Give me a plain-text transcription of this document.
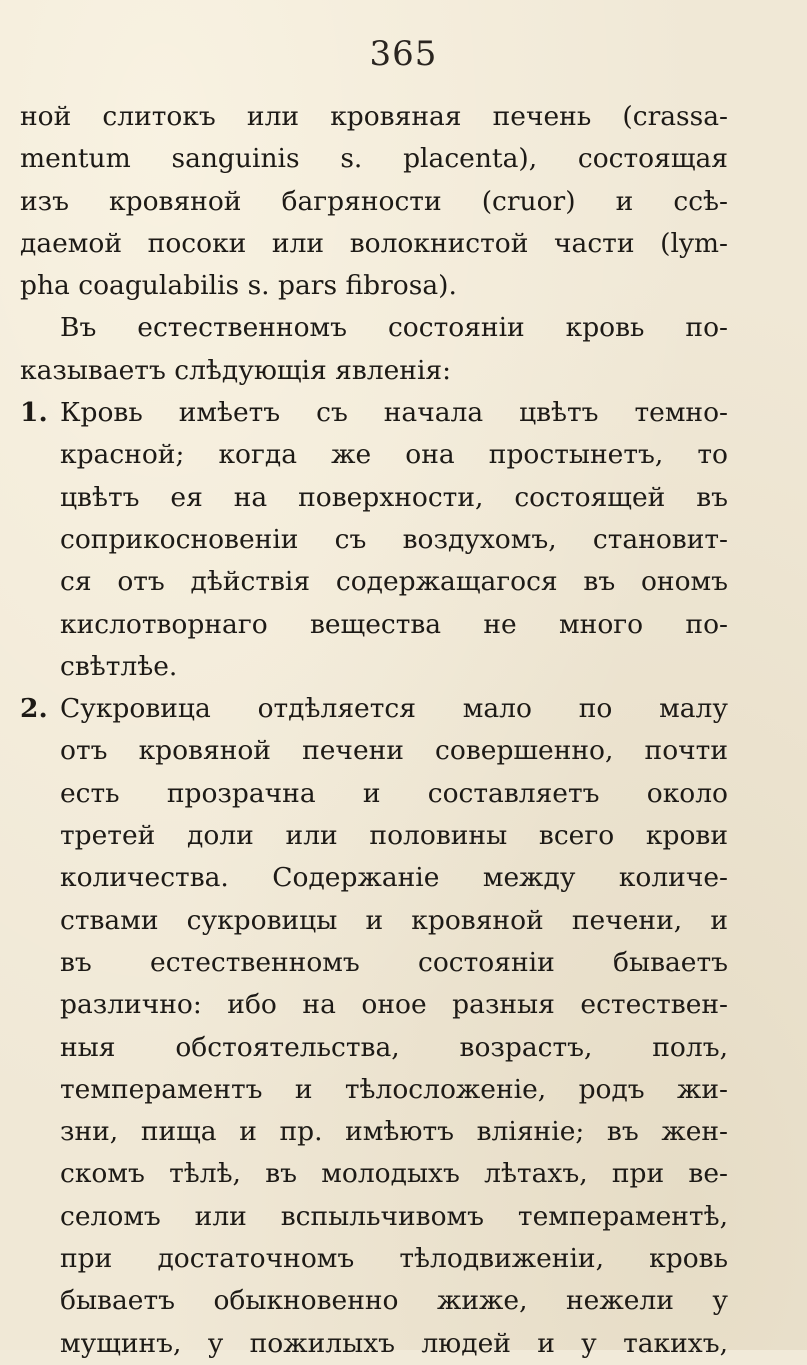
365
ной слитокъ или кровяная печень (crassa-
mentum sanguinis s. placenta), состоящая
изъ кровяной багряности (cruor) и ссѣ-
даемой посоки или волокнистой части (lym-
pha coagulabilis s. pars fibrosa).
Въ естественномъ состояніи кровь по-
казываетъ слѣдующія явленія:
1. Кровь имѣетъ съ начала цвѣтъ темно-
красной; когда же она простынетъ, то
цвѣтъ ея на поверхности, состоящей въ
соприкосновеніи съ воздухомъ, становит-
ся отъ дѣйствія содержащагося въ ономъ
кислотворнаго вещества не много по-
свѣтлѣе.
2. Сукровица отдѣляется мало по малу
отъ кровяной печени совершенно, почти
есть прозрачна и составляетъ около
третей доли или половины всего крови
количества. Содержаніе между количе-
ствами сукровицы и кровяной печени, и
въ естественномъ состояніи бываетъ
различно: ибо на оное разныя естествен-
ныя обстоятельства, возрастъ, полъ,
темпераментъ и тѣлосложеніе, родъ жи-
зни, пища и пр. имѣютъ вліяніе; въ жен-
скомъ тѣлѣ, въ молодыхъ лѣтахъ, при ве-
селомъ или вспыльчивомъ темпераментѣ,
при достаточномъ тѣлодвиженіи, кровь
бываетъ обыкновенно жиже, нежели у
мущинъ, у пожилыхъ людей и у такихъ,
